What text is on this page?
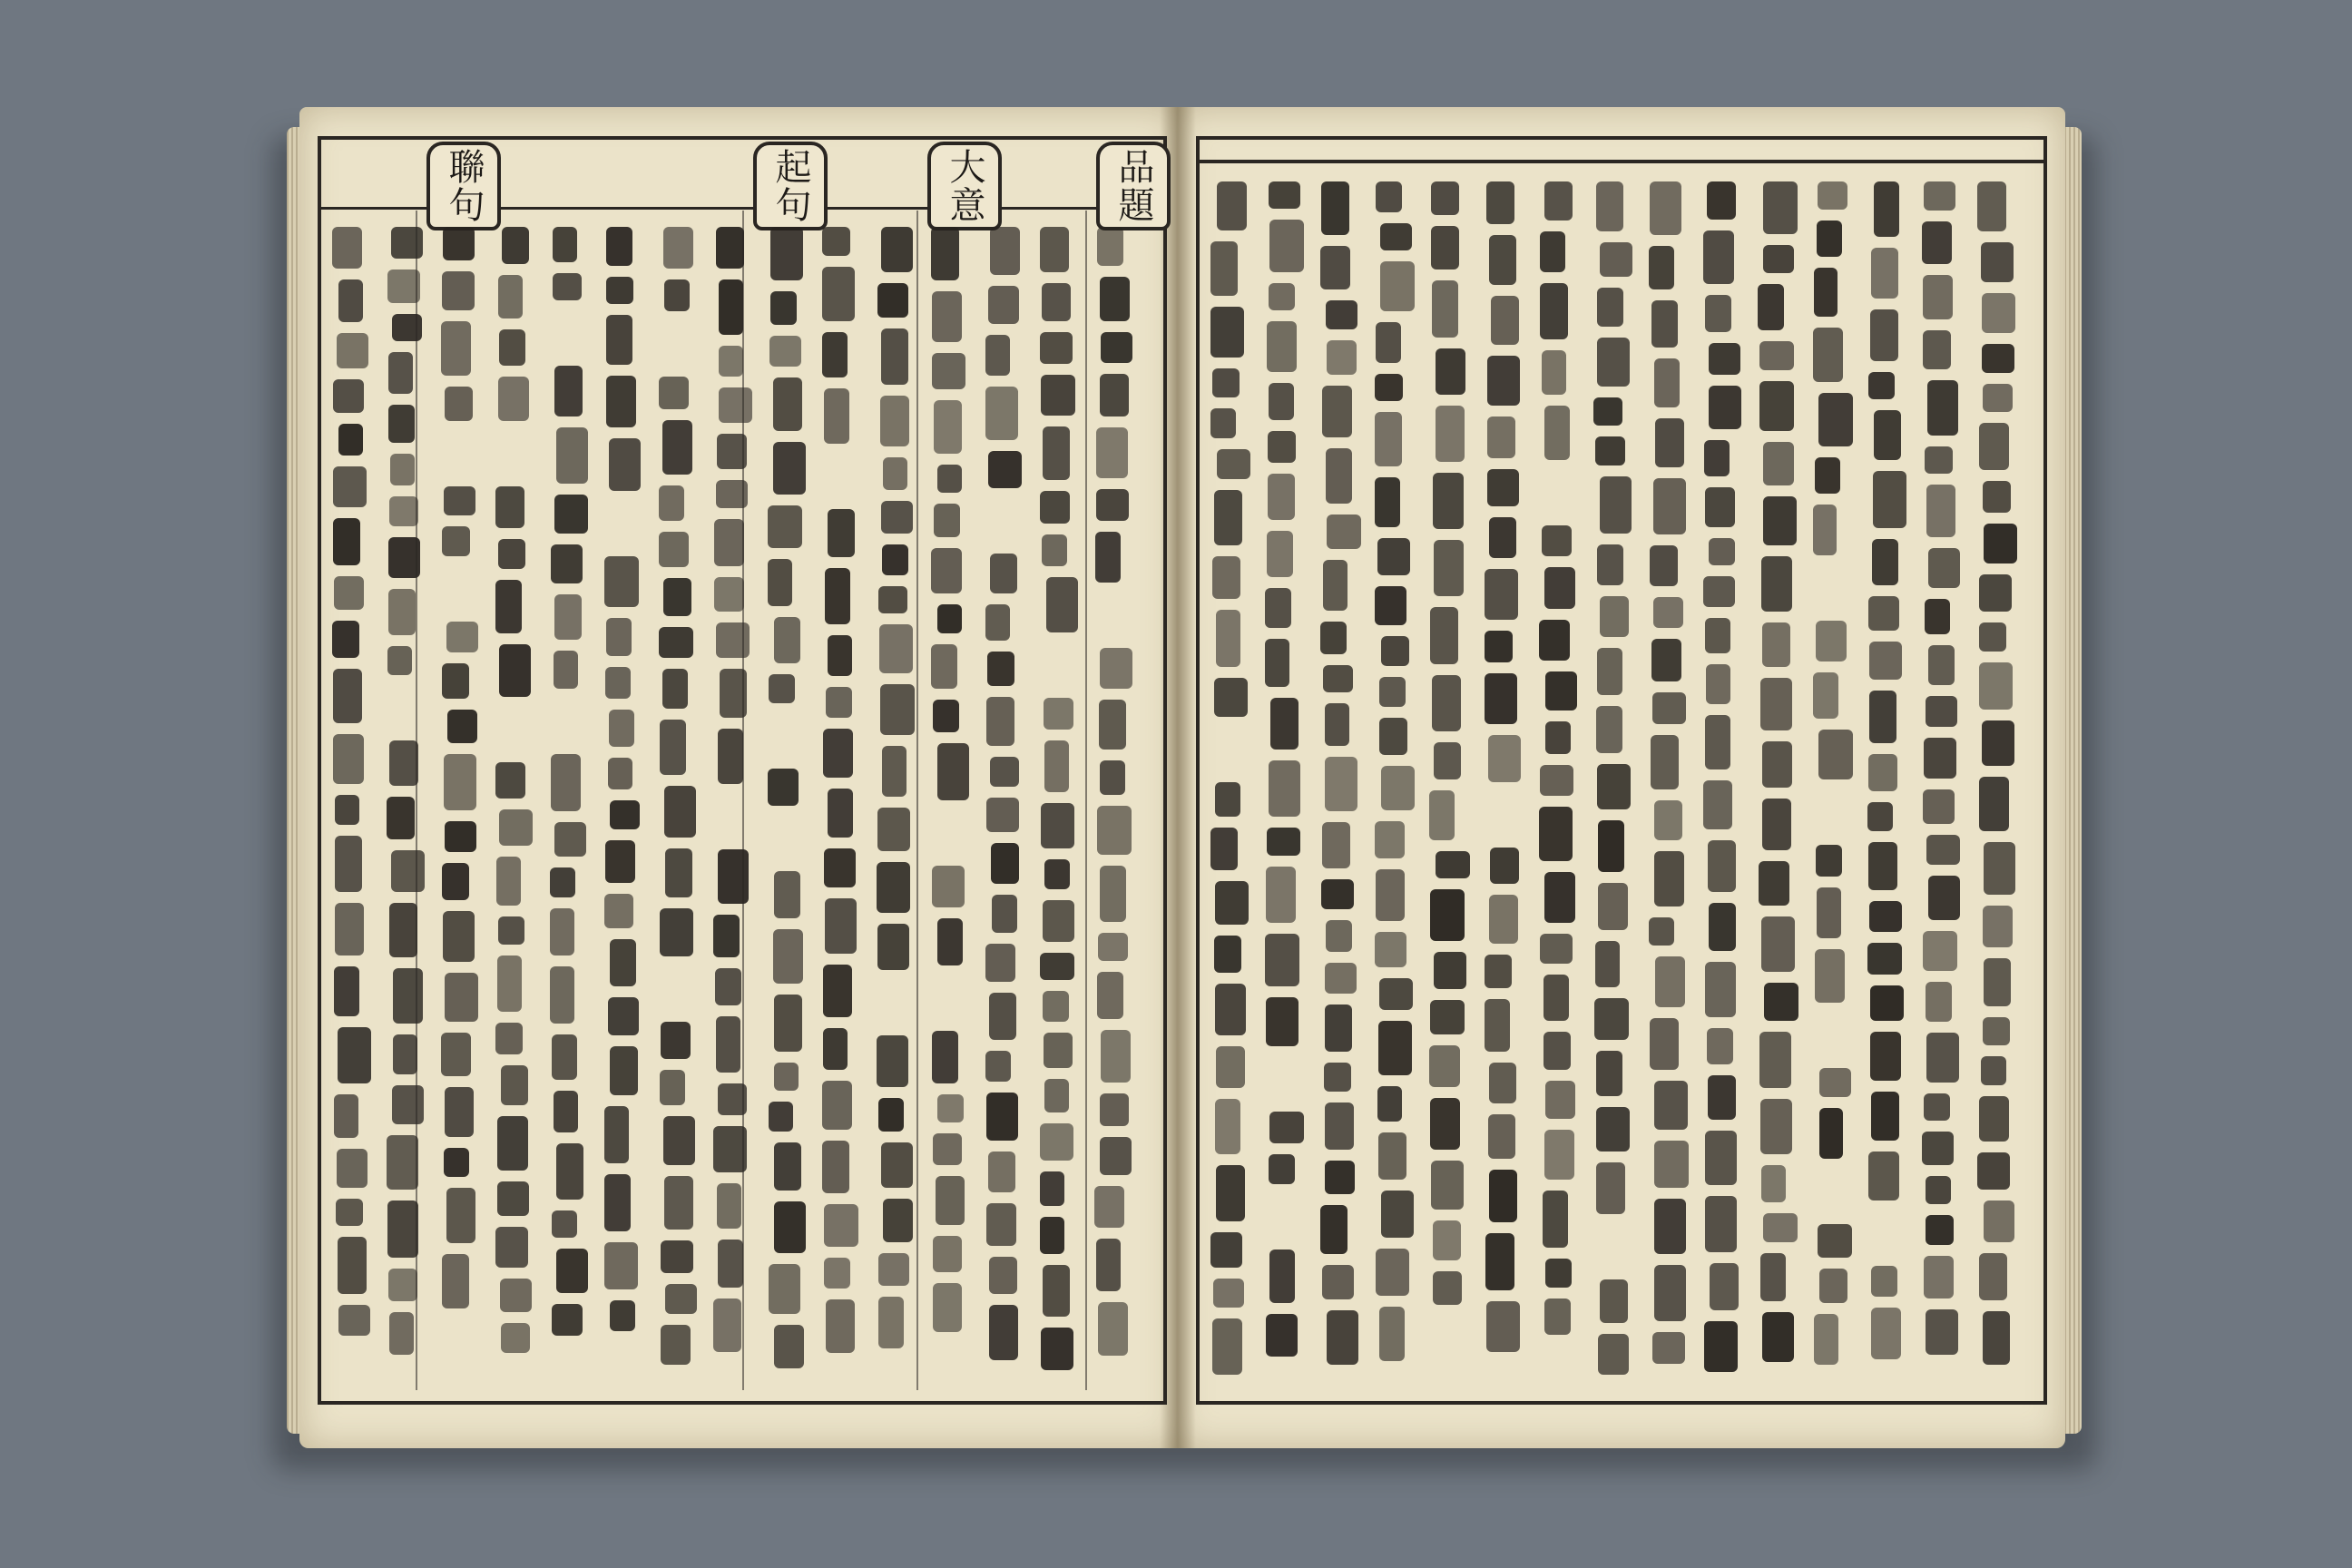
聯句	起句	大意	品題
